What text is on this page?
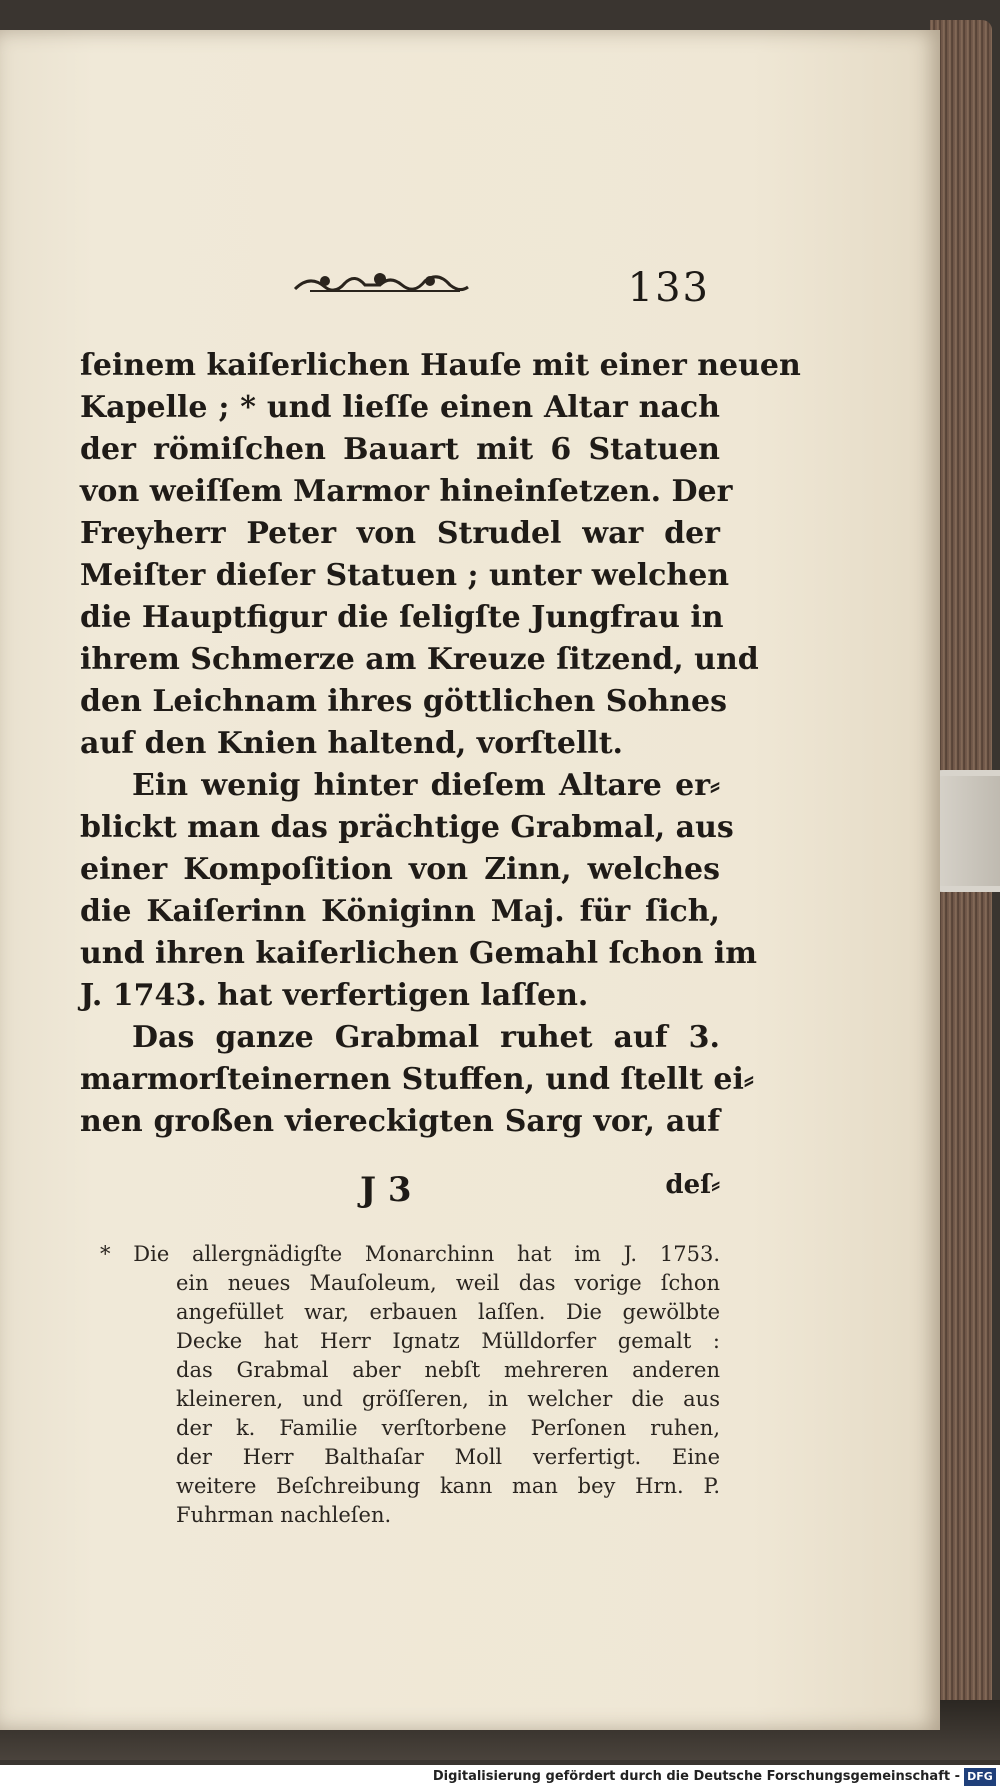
133

ſeinem kaiſerlichen Hauſe mit einer neuen
Kapelle ; * und lieſſe einen Altar nach
der römiſchen Bauart mit 6 Statuen
von weiſſem Marmor hineinſetzen. Der
Freyherr Peter von Strudel war der
Meiſter dieſer Statuen ; unter welchen
die Hauptfigur die ſeligſte Jungfrau in
ihrem Schmerze am Kreuze ſitzend, und
den Leichnam ihres göttlichen Sohnes
auf den Knien haltend, vorſtellt.

Ein wenig hinter dieſem Altare er⸗
blickt man das prächtige Grabmal, aus
einer Kompoſition von Zinn, welches
die Kaiſerinn Königinn Maj. für ſich,
und ihren kaiſerlichen Gemahl ſchon im
J. 1743. hat verfertigen laſſen.

Das ganze Grabmal ruhet auf 3.
marmorſteinernen Stuffen, und ſtellt ei⸗
nen großen viereckigten Sarg vor, auf

J 3	deſ⸗
* Die allergnädigſte Monarchinn hat im J. 1753.
ein neues Mauſoleum, weil das vorige ſchon
angefüllet war, erbauen laſſen. Die gewölbte
Decke hat Herr Ignatz Mülldorfer gemalt :
das Grabmal aber nebſt mehreren anderen
kleineren, und gröſſeren, in welcher die aus
der k. Familie verſtorbene Perſonen ruhen,
der Herr Balthaſar Moll verfertigt. Eine
weitere Beſchreibung kann man bey Hrn. P.
Fuhrman nachleſen.
Digitalisierung gefördert durch die Deutsche Forschungsgemeinschaft - DFG
